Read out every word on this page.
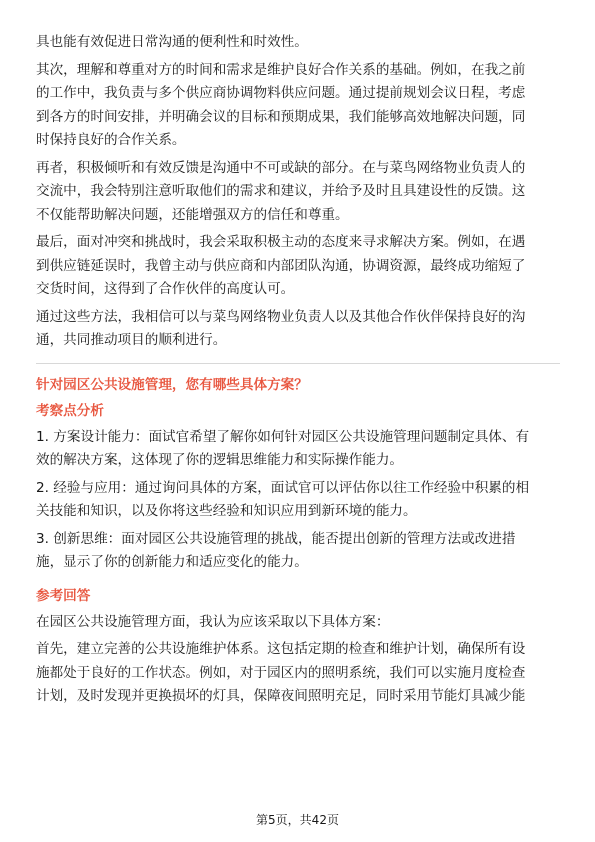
具也能有效促进日常沟通的便利性和时效性。

其次，理解和尊重对方的时间和需求是维护良好合作关系的基础。例如，在我之前
的工作中，我负责与多个供应商协调物料供应问题。通过提前规划会议日程，考虑
到各方的时间安排，并明确会议的目标和预期成果，我们能够高效地解决问题，同
时保持良好的合作关系。

再者，积极倾听和有效反馈是沟通中不可或缺的部分。在与菜鸟网络物业负责人的
交流中，我会特别注意听取他们的需求和建议，并给予及时且具建设性的反馈。这
不仅能帮助解决问题，还能增强双方的信任和尊重。

最后，面对冲突和挑战时，我会采取积极主动的态度来寻求解决方案。例如，在遇
到供应链延误时，我曾主动与供应商和内部团队沟通，协调资源，最终成功缩短了
交货时间，这得到了合作伙伴的高度认可。

通过这些方法，我相信可以与菜鸟网络物业负责人以及其他合作伙伴保持良好的沟
通，共同推动项目的顺利进行。

针对园区公共设施管理，您有哪些具体方案？

考察点分析

1. 方案设计能力：面试官希望了解你如何针对园区公共设施管理问题制定具体、有
效的解决方案，这体现了你的逻辑思维能力和实际操作能力。

2. 经验与应用：通过询问具体的方案，面试官可以评估你以往工作经验中积累的相
关技能和知识，以及你将这些经验和知识应用到新环境的能力。

3. 创新思维：面对园区公共设施管理的挑战，能否提出创新的管理方法或改进措
施，显示了你的创新能力和适应变化的能力。

参考回答

在园区公共设施管理方面，我认为应该采取以下具体方案：

首先，建立完善的公共设施维护体系。这包括定期的检查和维护计划，确保所有设
施都处于良好的工作状态。例如，对于园区内的照明系统，我们可以实施月度检查
计划，及时发现并更换损坏的灯具，保障夜间照明充足，同时采用节能灯具减少能

第5页，共42页
